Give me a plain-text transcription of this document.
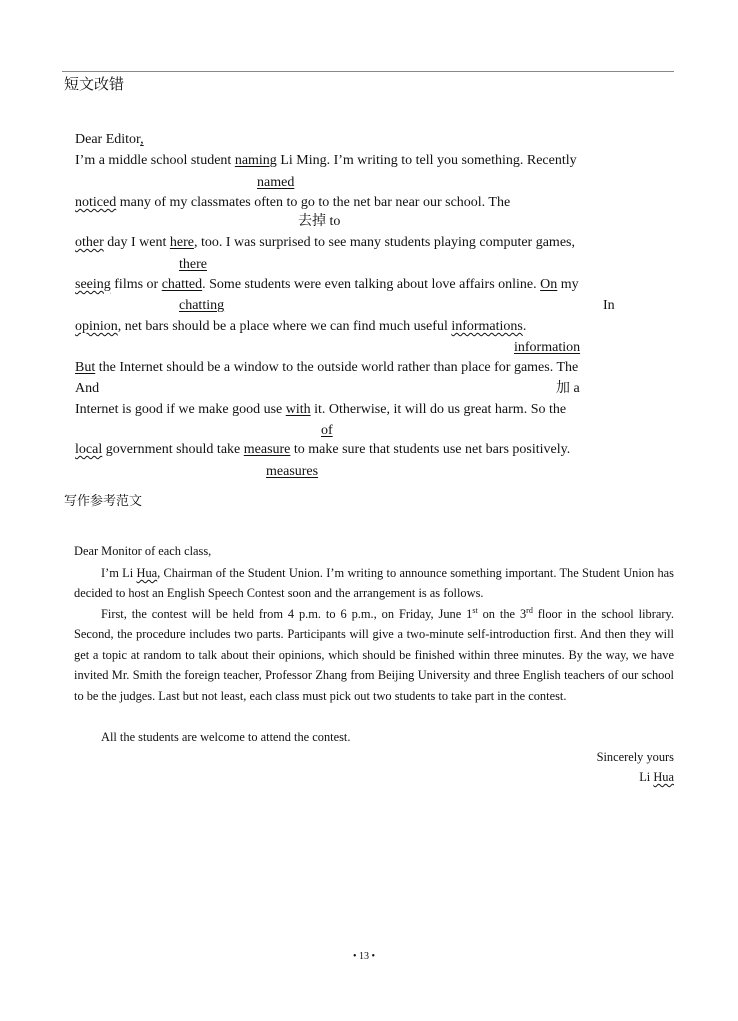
短文改错
Dear Editor,
I’m a middle school student naming Li Ming. I’m writing to tell you something. Recently
named
noticed many of my classmates often to go to the net bar near our school. The
去掉 to
other day I went here, too. I was surprised to see many students playing computer games,
there
seeing films or chatted. Some students were even talking about love affairs online. On my
chatting	In
opinion, net bars should be a place where we can find much useful informations.
information
But the Internet should be a window to the outside world rather than place for games. The
And	加 a
Internet is good if we make good use with it. Otherwise, it will do us great harm. So the
of
local government should take measure to make sure that students use net bars positively.
measures
写作参考范文
Dear Monitor of each class,
I’m Li Hua, Chairman of the Student Union. I’m writing to announce something important. The Student Union has decided to host an English Speech Contest soon and the arrangement is as follows.
First, the contest will be held from 4 p.m. to 6 p.m., on Friday, June 1st on the 3rd floor in the school library. Second, the procedure includes two parts. Participants will give a two-minute self-introduction first. And then they will get a topic at random to talk about their opinions, which should be finished within three minutes. By the way, we have invited Mr. Smith the foreign teacher, Professor Zhang from Beijing University and three English teachers of our school to be the judges. Last but not least, each class must pick out two students to take part in the contest.
All the students are welcome to attend the contest.
Sincerely yours
Li Hua
• 13 •
